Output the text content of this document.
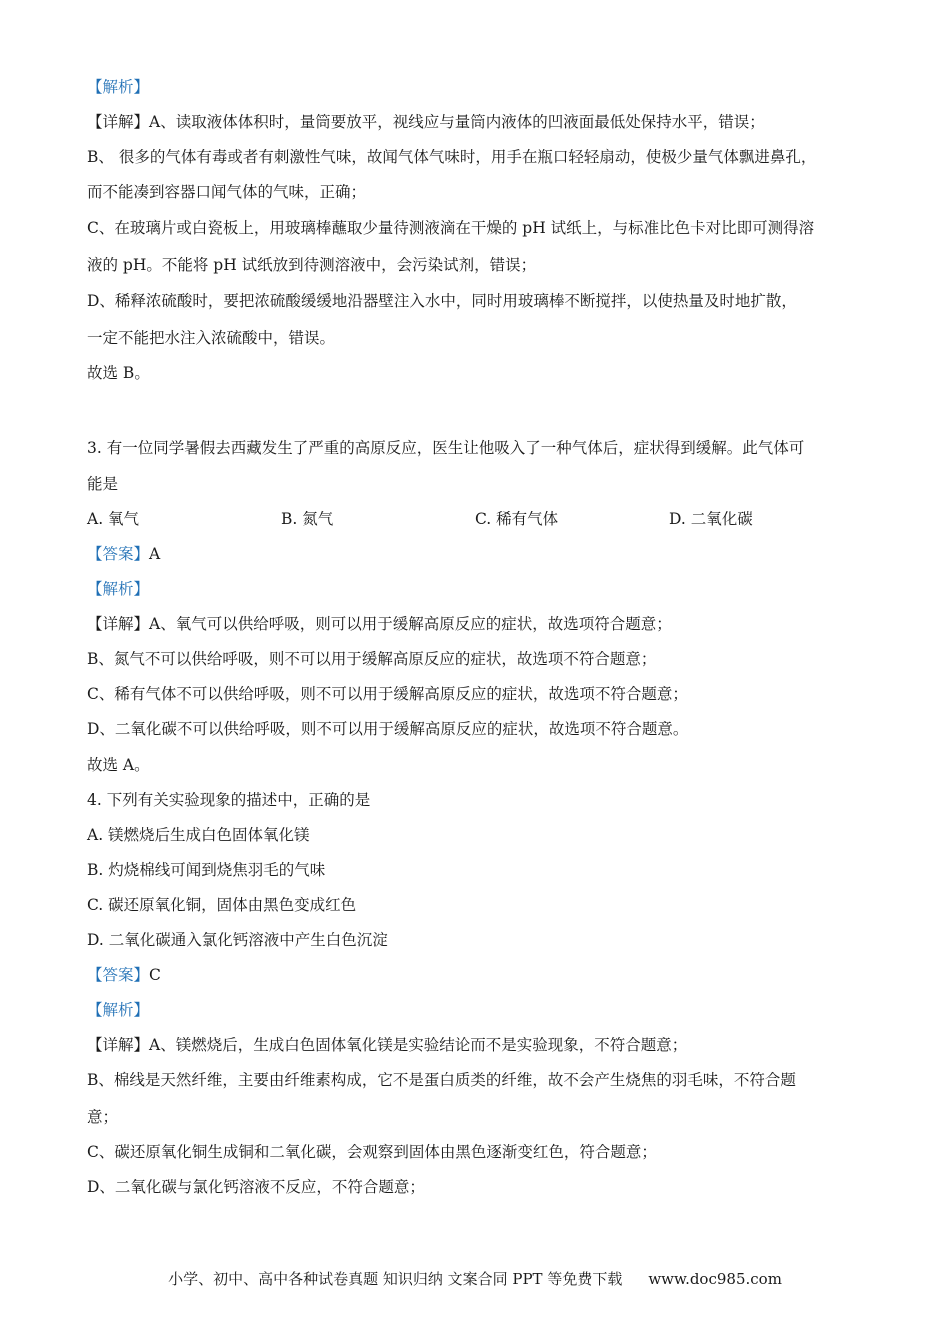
【解析】

【详解】A、读取液体体积时，量筒要放平，视线应与量筒内液体的凹液面最低处保持水平，错误；

B、 很多的气体有毒或者有刺激性气味，故闻气体气味时，用手在瓶口轻轻扇动，使极少量气体飘进鼻孔，

而不能凑到容器口闻气体的气味，正确；

C、在玻璃片或白瓷板上，用玻璃棒蘸取少量待测液滴在干燥的 pH 试纸上，与标准比色卡对比即可测得溶

液的 pH。不能将 pH 试纸放到待测溶液中，会污染试剂，错误；

D、稀释浓硫酸时，要把浓硫酸缓缓地沿器壁注入水中，同时用玻璃棒不断搅拌，以使热量及时地扩散，

一定不能把水注入浓硫酸中，错误。

故选 B。

3. 有一位同学暑假去西藏发生了严重的高原反应，医生让他吸入了一种气体后，症状得到缓解。此气体可

能是

A. 氧气	B. 氮气	C. 稀有气体	D. 二氧化碳

【答案】A

【解析】

【详解】A、氧气可以供给呼吸，则可以用于缓解高原反应的症状，故选项符合题意；

B、氮气不可以供给呼吸，则不可以用于缓解高原反应的症状，故选项不符合题意；

C、稀有气体不可以供给呼吸，则不可以用于缓解高原反应的症状，故选项不符合题意；

D、二氧化碳不可以供给呼吸，则不可以用于缓解高原反应的症状，故选项不符合题意。

故选 A。

4. 下列有关实验现象的描述中，正确的是

A. 镁燃烧后生成白色固体氧化镁

B. 灼烧棉线可闻到烧焦羽毛的气味

C. 碳还原氧化铜，固体由黑色变成红色

D. 二氧化碳通入氯化钙溶液中产生白色沉淀

【答案】C

【解析】

【详解】A、镁燃烧后，生成白色固体氧化镁是实验结论而不是实验现象，不符合题意；

B、棉线是天然纤维，主要由纤维素构成，它不是蛋白质类的纤维，故不会产生烧焦的羽毛味，不符合题

意；

C、碳还原氧化铜生成铜和二氧化碳，会观察到固体由黑色逐渐变红色，符合题意；

D、二氧化碳与氯化钙溶液不反应，不符合题意；

小学、初中、高中各种试卷真题 知识归纳 文案合同 PPT 等免费下载 www.doc985.com
